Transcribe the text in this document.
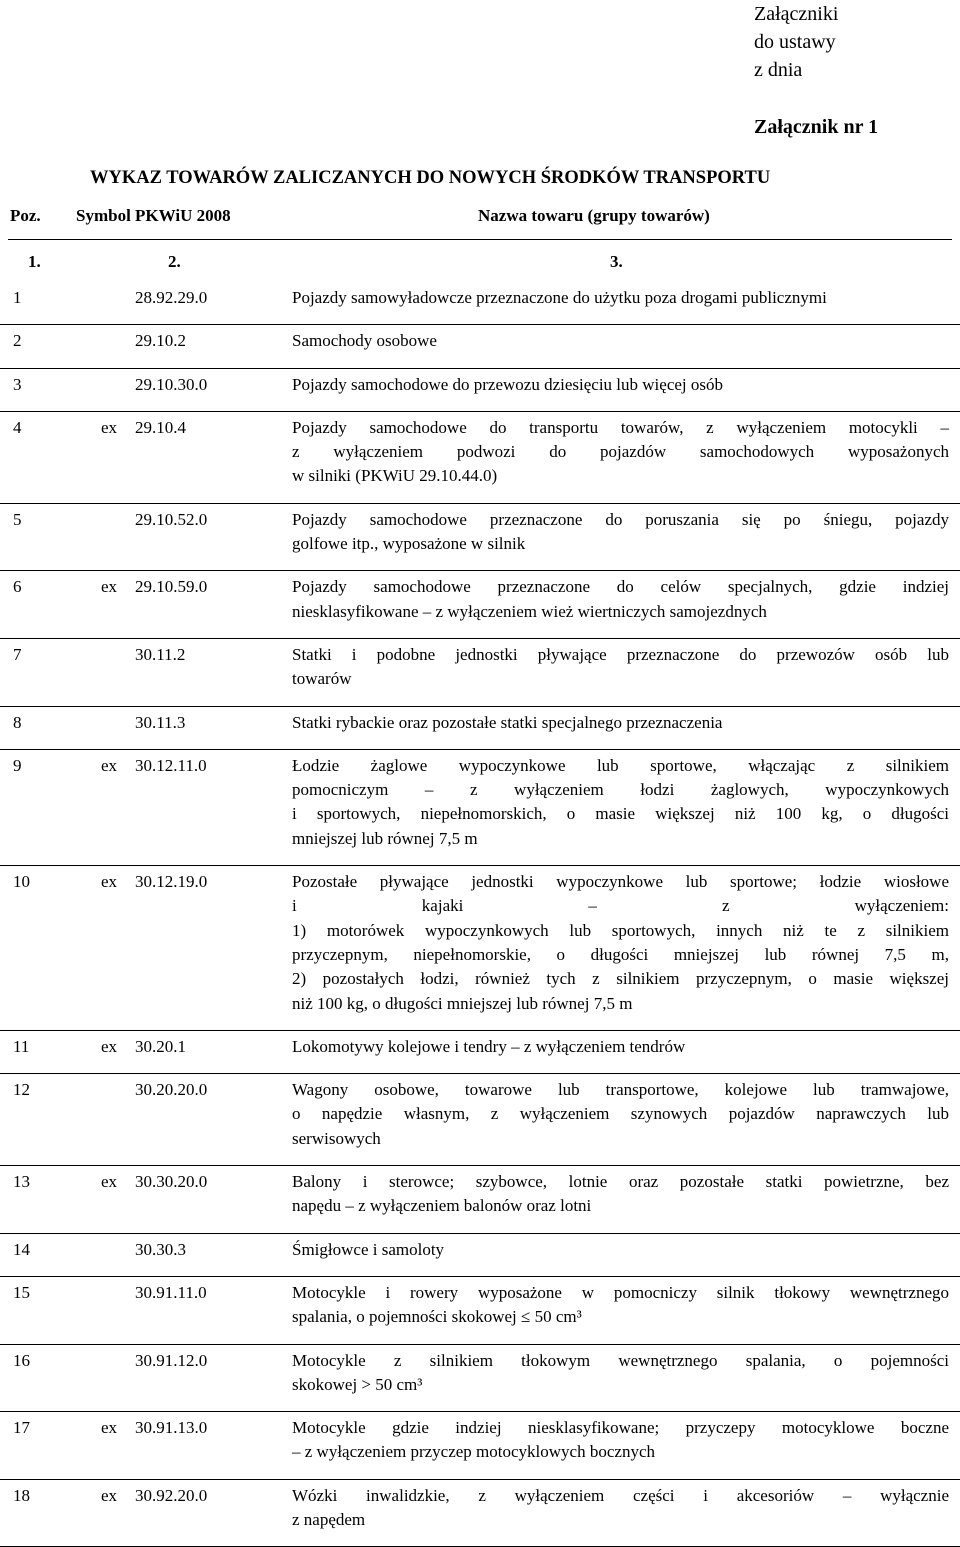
Załączniki
do ustawy
z dnia
Załącznik nr 1
WYKAZ TOWARÓW ZALICZANYCH DO NOWYCH ŚRODKÓW TRANSPORTU
Poz. Symbol PKWiU 2008	Nazwa towaru (grupy towarów)
1.	2.	3.
1	28.92.29.0	Pojazdy samowyładowcze przeznaczone do użytku poza drogami publicznymi
2	29.10.2	Samochody osobowe
3	29.10.30.0	Pojazdy samochodowe do przewozu dziesięciu lub więcej osób
4	ex 29.10.4	Pojazdy samochodowe do transportu towarów, z wyłączeniem motocykli –
z wyłączeniem podwozi do pojazdów samochodowych wyposażonych
w silniki (PKWiU 29.10.44.0)
5	29.10.52.0	Pojazdy samochodowe przeznaczone do poruszania się po śniegu, pojazdy
golfowe itp., wyposażone w silnik
6	ex 29.10.59.0	Pojazdy samochodowe przeznaczone do celów specjalnych, gdzie indziej
niesklasyfikowane – z wyłączeniem wież wiertniczych samojezdnych
7	30.11.2	Statki i podobne jednostki pływające przeznaczone do przewozów osób lub
towarów
8	30.11.3	Statki rybackie oraz pozostałe statki specjalnego przeznaczenia
9	ex 30.12.11.0	Łodzie żaglowe wypoczynkowe lub sportowe, włączając z silnikiem
pomocniczym – z wyłączeniem łodzi żaglowych, wypoczynkowych
i sportowych, niepełnomorskich, o masie większej niż 100 kg, o długości
mniejszej lub równej 7,5 m
10	ex 30.12.19.0	Pozostałe pływające jednostki wypoczynkowe lub sportowe; łodzie wiosłowe
i kajaki – z wyłączeniem:
1) motorówek wypoczynkowych lub sportowych, innych niż te z silnikiem
przyczepnym, niepełnomorskie, o długości mniejszej lub równej 7,5 m,
2) pozostałych łodzi, również tych z silnikiem przyczepnym, o masie większej
niż 100 kg, o długości mniejszej lub równej 7,5 m
11	ex 30.20.1	Lokomotywy kolejowe i tendry – z wyłączeniem tendrów
12	30.20.20.0	Wagony osobowe, towarowe lub transportowe, kolejowe lub tramwajowe,
o napędzie własnym, z wyłączeniem szynowych pojazdów naprawczych lub
serwisowych
13	ex 30.30.20.0	Balony i sterowce; szybowce, lotnie oraz pozostałe statki powietrzne, bez
napędu – z wyłączeniem balonów oraz lotni
14	30.30.3	Śmigłowce i samoloty
15	30.91.11.0	Motocykle i rowery wyposażone w pomocniczy silnik tłokowy wewnętrznego
spalania, o pojemności skokowej ≤ 50 cm³
16	30.91.12.0	Motocykle z silnikiem tłokowym wewnętrznego spalania, o pojemności
skokowej > 50 cm³
17	ex 30.91.13.0	Motocykle gdzie indziej niesklasyfikowane; przyczepy motocyklowe boczne
– z wyłączeniem przyczep motocyklowych bocznych
18	ex 30.92.20.0	Wózki inwalidzkie, z wyłączeniem części i akcesoriów – wyłącznie
z napędem
